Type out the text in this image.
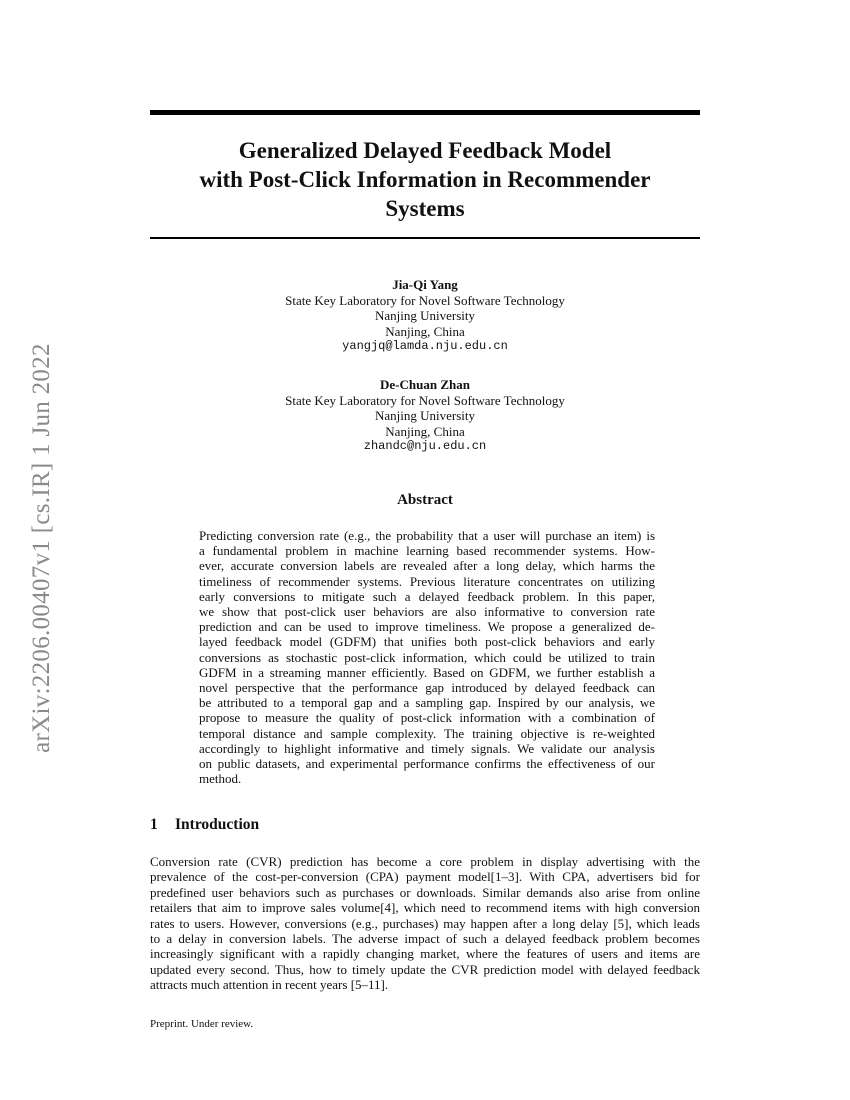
arXiv:2206.00407v1 [cs.IR] 1 Jun 2022
Generalized Delayed Feedback Model
with Post-Click Information in Recommender
Systems
Jia-Qi Yang
State Key Laboratory for Novel Software Technology
Nanjing University
Nanjing, China
yangjq@lamda.nju.edu.cn
De-Chuan Zhan
State Key Laboratory for Novel Software Technology
Nanjing University
Nanjing, China
zhandc@nju.edu.cn
Abstract
Predicting conversion rate (e.g., the probability that a user will purchase an item) is
a fundamental problem in machine learning based recommender systems. How-
ever, accurate conversion labels are revealed after a long delay, which harms the
timeliness of recommender systems. Previous literature concentrates on utilizing
early conversions to mitigate such a delayed feedback problem. In this paper,
we show that post-click user behaviors are also informative to conversion rate
prediction and can be used to improve timeliness. We propose a generalized de-
layed feedback model (GDFM) that unifies both post-click behaviors and early
conversions as stochastic post-click information, which could be utilized to train
GDFM in a streaming manner efficiently. Based on GDFM, we further establish a
novel perspective that the performance gap introduced by delayed feedback can
be attributed to a temporal gap and a sampling gap. Inspired by our analysis, we
propose to measure the quality of post-click information with a combination of
temporal distance and sample complexity. The training objective is re-weighted
accordingly to highlight informative and timely signals. We validate our analysis
on public datasets, and experimental performance confirms the effectiveness of our
method.
1 Introduction
Conversion rate (CVR) prediction has become a core problem in display advertising with the
prevalence of the cost-per-conversion (CPA) payment model[1–3]. With CPA, advertisers bid for
predefined user behaviors such as purchases or downloads. Similar demands also arise from online
retailers that aim to improve sales volume[4], which need to recommend items with high conversion
rates to users. However, conversions (e.g., purchases) may happen after a long delay [5], which leads
to a delay in conversion labels. The adverse impact of such a delayed feedback problem becomes
increasingly significant with a rapidly changing market, where the features of users and items are
updated every second. Thus, how to timely update the CVR prediction model with delayed feedback
attracts much attention in recent years [5–11].
Preprint. Under review.
